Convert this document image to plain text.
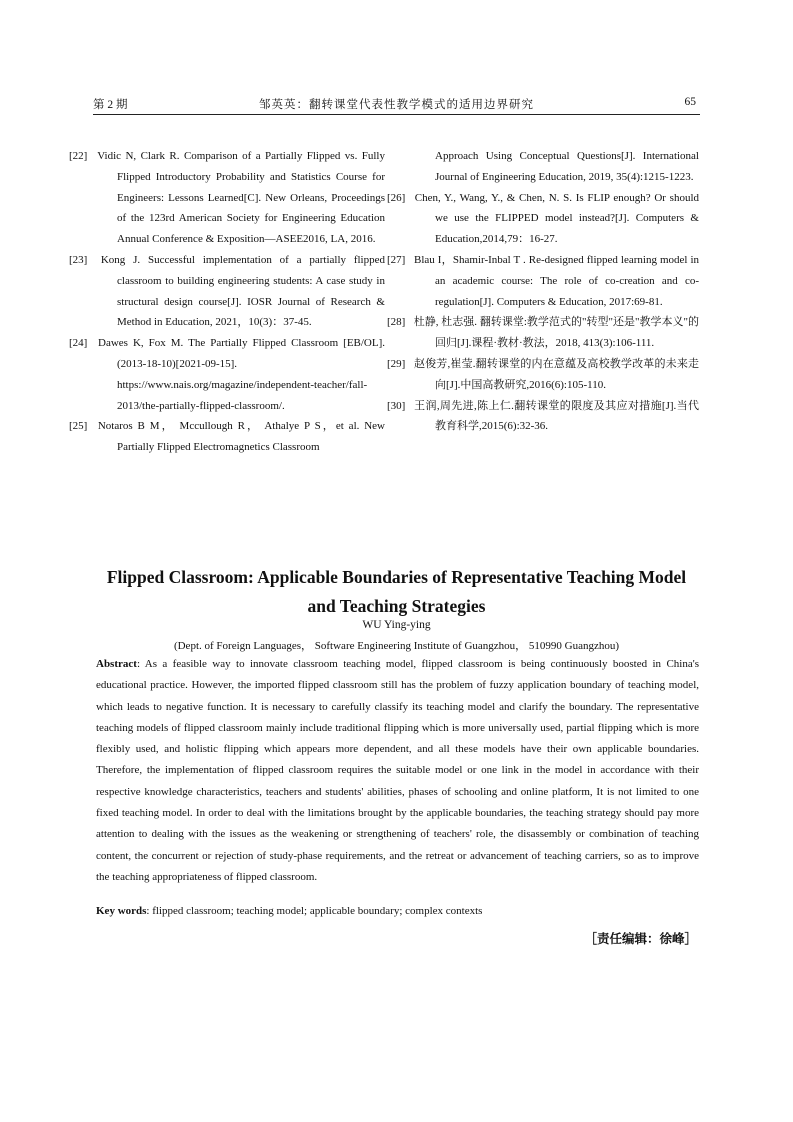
第 2 期	邹英英：翻转课堂代表性教学模式的适用边界研究	65

[22] Vidic N, Clark R. Comparison of a Partially Flipped vs. Fully Flipped Introductory Probability and Statistics Course for Engineers: Lessons Learned[C]. New Orleans, Proceedings of the 123rd American Society for Engineering Education Annual Conference & Exposition—ASEE2016, LA, 2016.

[23] Kong J. Successful implementation of a partially flipped classroom to building engineering students: A case study in structural design course[J]. IOSR Journal of Research & Method in Education, 2021，10(3)：37-45.

[24] Dawes K, Fox M. The Partially Flipped Classroom [EB/OL]. (2013-18-10)[2021-09-15]. https://www.nais.org/magazine/independent-teacher/fall-2013/the-partially-flipped-classroom/.

[25] Notaros B M， Mccullough R， Athalye P S，et al. New Partially Flipped Electromagnetics Classroom

Approach Using Conceptual Questions[J]. International Journal of Engineering Education, 2019, 35(4):1215-1223.

[26] Chen, Y., Wang, Y., & Chen, N. S. Is FLIP enough? Or should we use the FLIPPED model instead?[J]. Computers & Education,2014,79：16-27.

[27] Blau I，Shamir-Inbal T . Re-designed flipped learning model in an academic course: The role of co-creation and co-regulation[J]. Computers & Education, 2017:69-81.

[28] 杜静, 杜志强. 翻转课堂:教学范式的"转型"还是"教学本义"的回归[J].课程·教材·教法，2018, 413(3):106-111.

[29] 赵俊芳,崔莹.翻转课堂的内在意蕴及高校教学改革的未来走向[J].中国高教研究,2016(6):105-110.

[30] 王润,周先进,陈上仁.翻转课堂的限度及其应对措施[J].当代教育科学,2015(6):32-36.

Flipped Classroom: Applicable Boundaries of Representative Teaching Model and Teaching Strategies
WU Ying-ying
(Dept. of Foreign Languages， Software Engineering Institute of Guangzhou， 510990 Guangzhou)

Abstract: As a feasible way to innovate classroom teaching model, flipped classroom is being continuously boosted in China's educational practice. However, the imported flipped classroom still has the problem of fuzzy application boundary of teaching model, which leads to negative function. It is necessary to carefully classify its teaching model and clarify the boundary. The representative teaching models of flipped classroom mainly include traditional flipping which is more universally used, partial flipping which is more flexibly used, and holistic flipping which appears more dependent, and all these models have their own applicable boundaries. Therefore, the implementation of flipped classroom requires the suitable model or one link in the model in accordance with their respective knowledge characteristics, teachers and students' abilities, phases of schooling and online platform, It is not limited to one fixed teaching model. In order to deal with the limitations brought by the applicable boundaries, the teaching strategy should pay more attention to dealing with the issues as the weakening or strengthening of teachers' role, the disassembly or combination of teaching content, the concurrent or rejection of study-phase requirements, and the retreat or advancement of teaching carriers, so as to improve the teaching appropriateness of flipped classroom.

Key words: flipped classroom; teaching model; applicable boundary; complex contexts

［责任编辑：徐峰］
